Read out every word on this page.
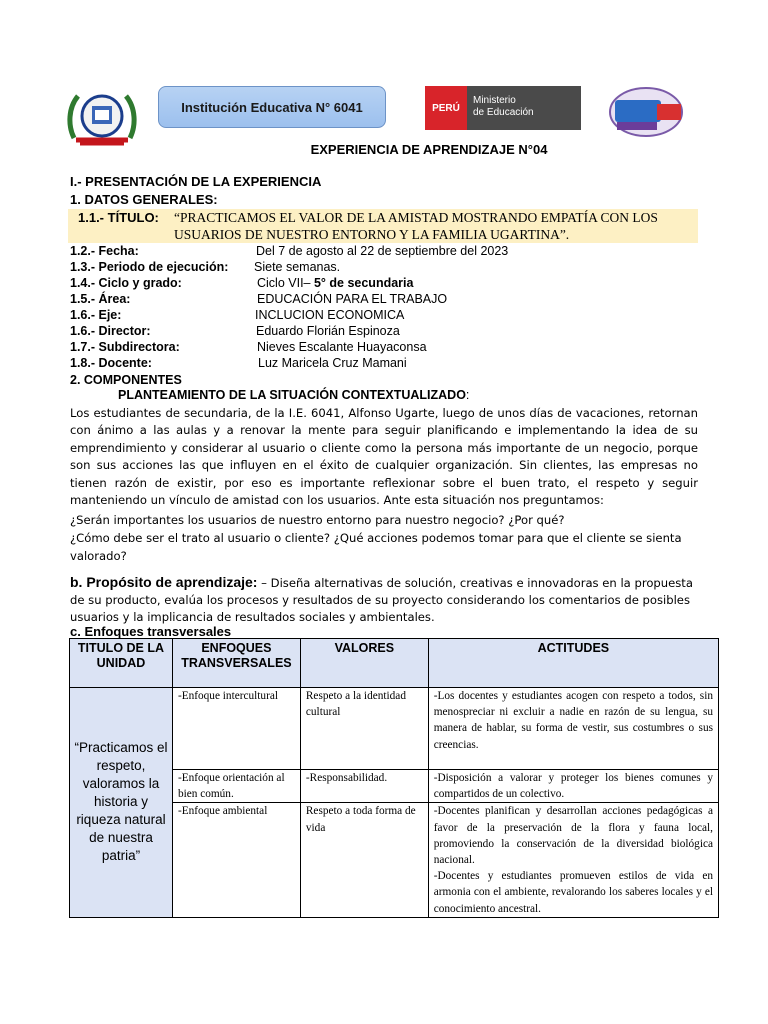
Institución Educativa N° 6041	PERÚ
Ministerio
de Educación
EXPERIENCIA DE APRENDIZAJE N°04
I.- PRESENTACIÓN DE LA EXPERIENCIA
1. DATOS GENERALES:
1.1.- TÍTULO: “PRACTICAMOS EL VALOR DE LA AMISTAD MOSTRANDO EMPATÍA CON LOS
USUARIOS DE NUESTRO ENTORNO Y LA FAMILIA UGARTINA”.
1.2.- Fecha:	Del 7 de agosto al 22 de septiembre del 2023
1.3.- Periodo de ejecución: Siete semanas.
1.4.- Ciclo y grado:	Ciclo VII– 5° de secundaria
1.5.- Área:	EDUCACIÓN PARA EL TRABAJO
1.6.- Eje:	INCLUCION ECONOMICA
1.6.- Director:	Eduardo Florián Espinoza
1.7.- Subdirectora:	Nieves Escalante Huayaconsa
1.8.- Docente:	Luz Maricela Cruz Mamani
2. COMPONENTES
PLANTEAMIENTO DE LA SITUACIÓN CONTEXTUALIZADO:
Los estudiantes de secundaria, de la I.E. 6041, Alfonso Ugarte, luego de unos días de vacaciones, retornan con ánimo a las aulas y a renovar la mente para seguir planificando e implementando la idea de su emprendimiento y considerar al usuario o cliente como la persona más importante de un negocio, porque son sus acciones las que influyen en el éxito de cualquier organización. Sin clientes, las empresas no tienen razón de existir, por eso es importante reflexionar sobre el buen trato, el respeto y seguir manteniendo un vínculo de amistad con los usuarios. Ante esta situación nos preguntamos:
¿Serán importantes los usuarios de nuestro entorno para nuestro negocio? ¿Por qué?
¿Cómo debe ser el trato al usuario o cliente? ¿Qué acciones podemos tomar para que el cliente se sienta
valorado?
b. Propósito de aprendizaje: – Diseña alternativas de solución, creativas e innovadoras en la propuesta de su producto, evalúa los procesos y resultados de su proyecto considerando los comentarios de posibles usuarios y la implicancia de resultados sociales y ambientales.
c. Enfoques transversales
TITULO DE LA UNIDAD	ENFOQUES TRANSVERSALES	VALORES	ACTITUDES
“Practicamos el respeto, valoramos la historia y riqueza natural de nuestra patria”	-Enfoque intercultural	Respeto a la identidad cultural	-Los docentes y estudiantes acogen con respeto a todos, sin menospreciar ni excluir a nadie en razón de su lengua, su manera de hablar, su forma de vestir, sus costumbres o sus creencias.
	-Enfoque orientación al bien común.	-Responsabilidad.	-Disposición a valorar y proteger los bienes comunes y compartidos de un colectivo.
	-Enfoque ambiental	Respeto a toda forma de vida	-Docentes planifican y desarrollan acciones pedagógicas a favor de la preservación de la flora y fauna local, promoviendo la conservación de la diversidad biológica nacional.
-Docentes y estudiantes promueven estilos de vida en armonia con el ambiente, revalorando los saberes locales y el conocimiento ancestral.
